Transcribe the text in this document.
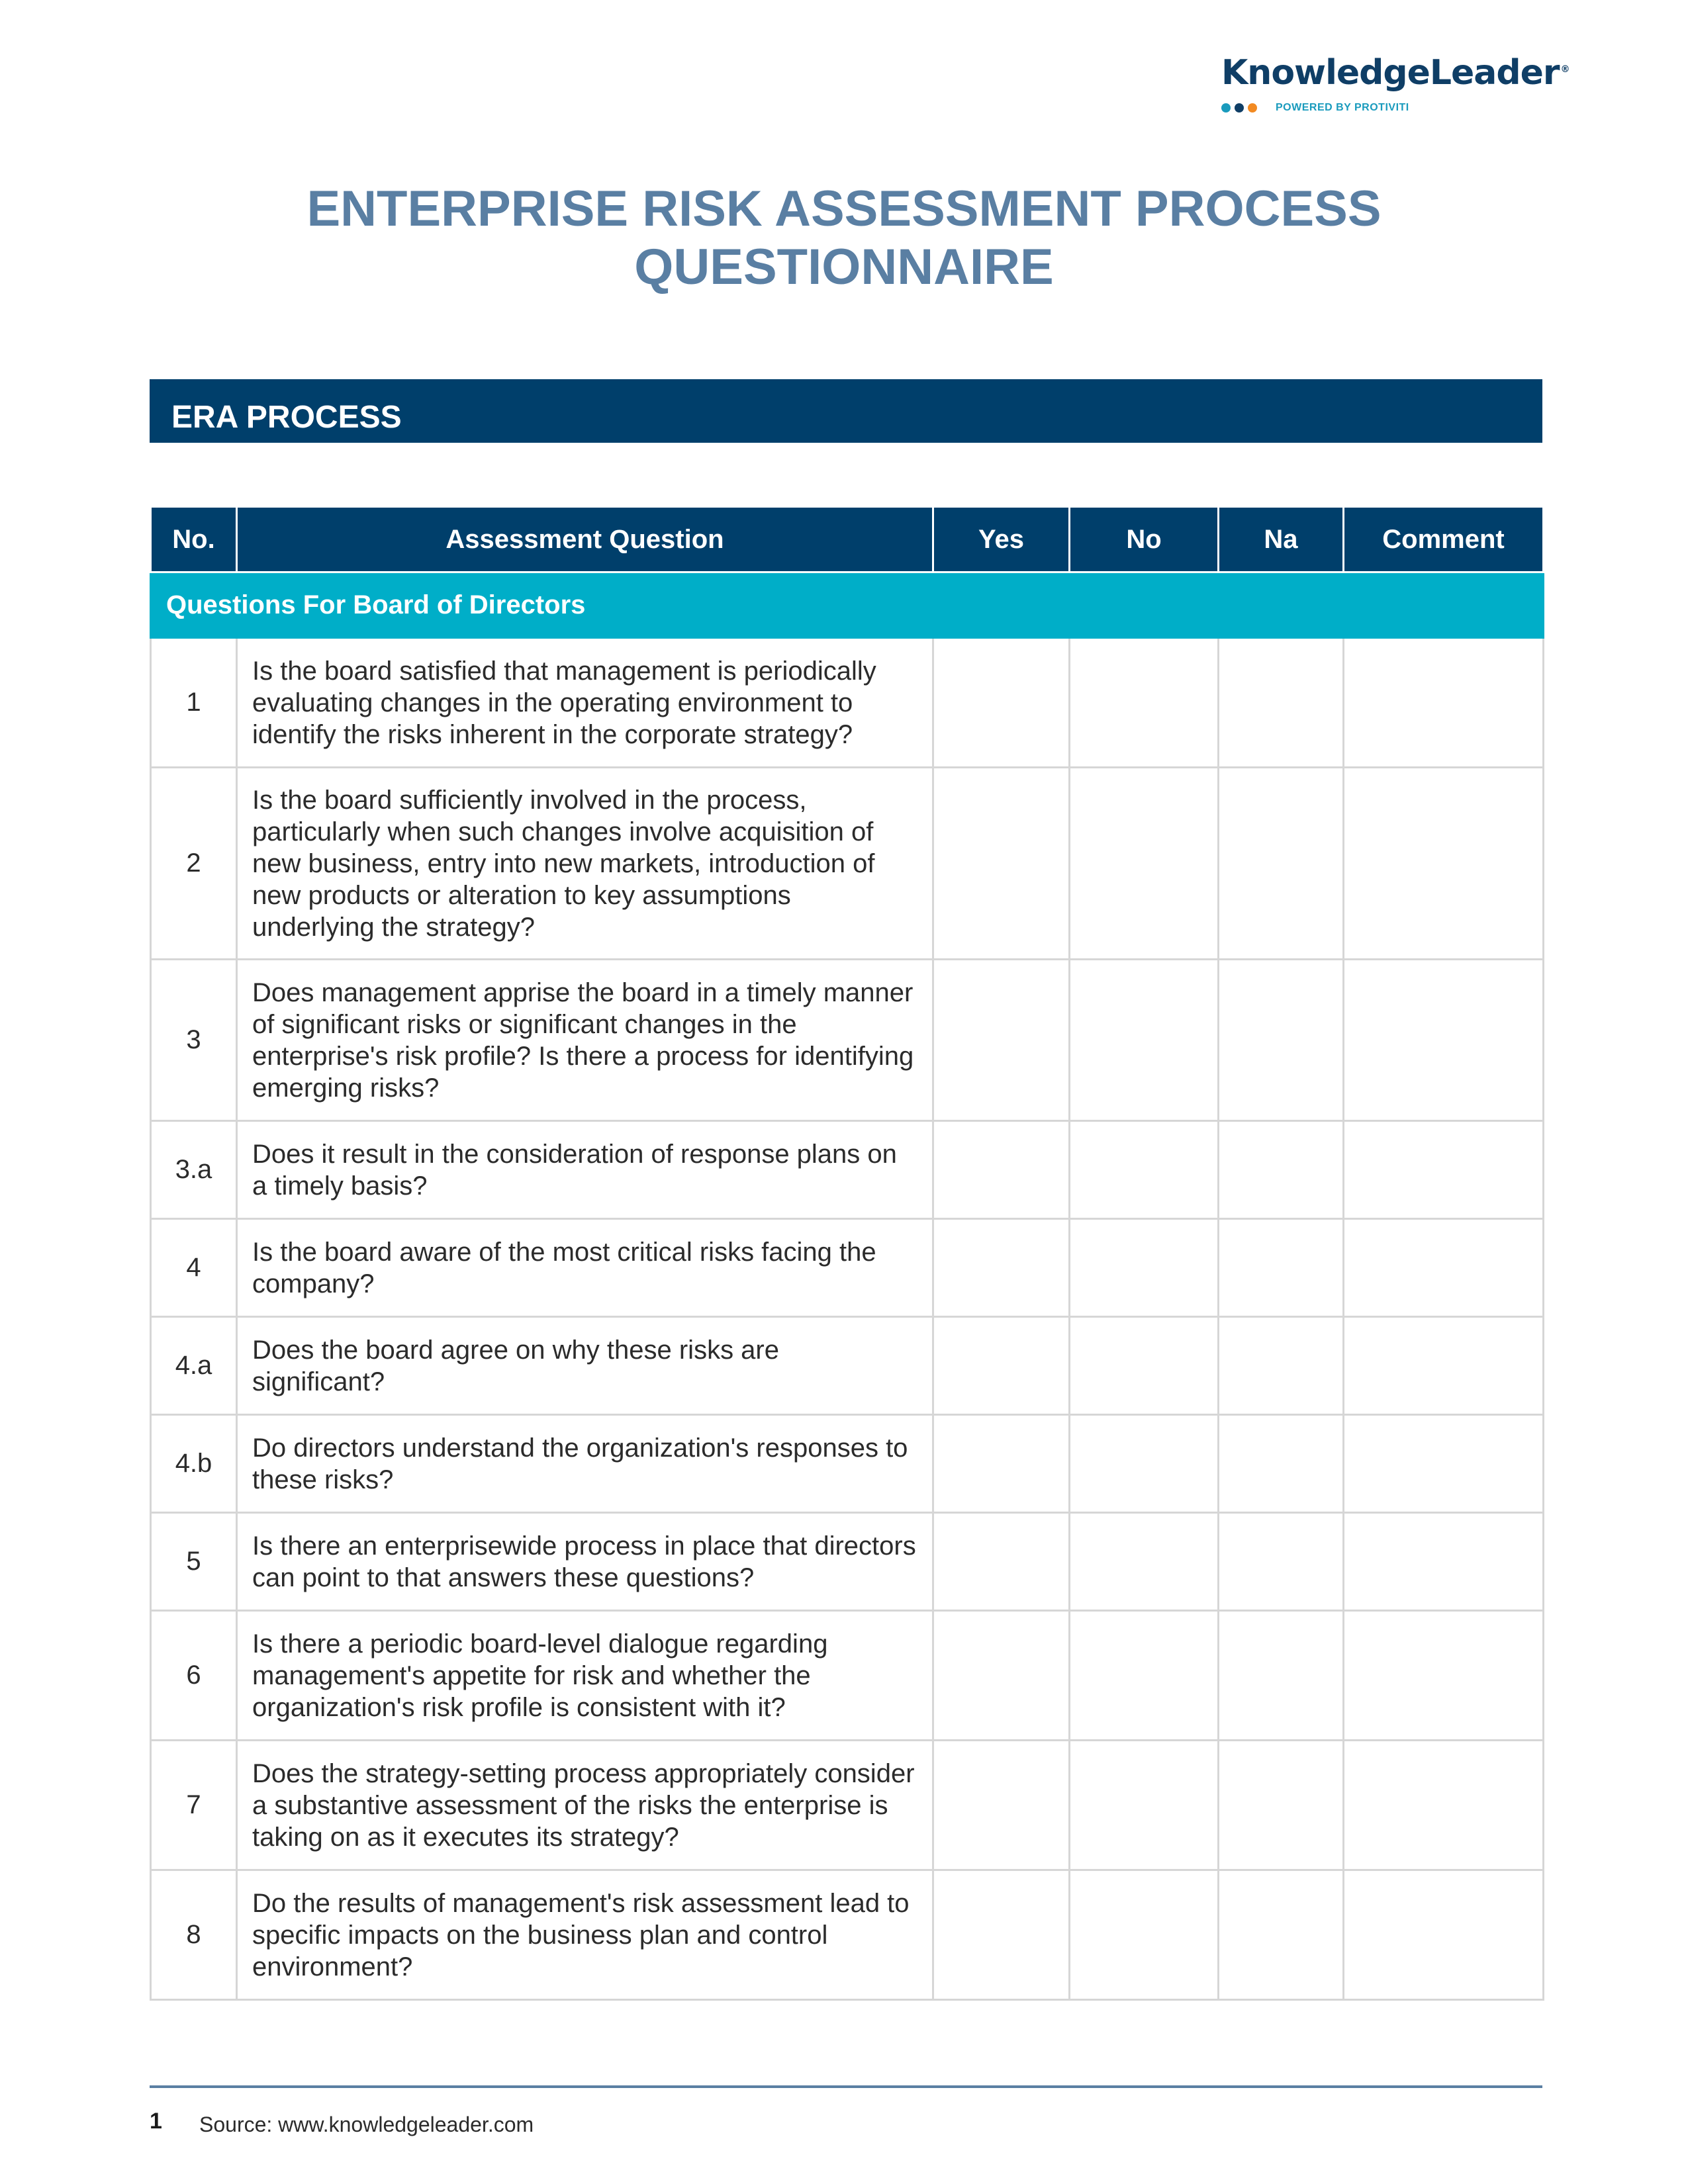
KnowledgeLeader ®
POWERED BY PROTIVITI
ENTERPRISE RISK ASSESSMENT PROCESS
QUESTIONNAIRE
ERA PROCESS
No.	Assessment Question	Yes	No	Na	Comment
Questions For Board of Directors					
1	Is the board satisfied that management is periodically evaluating changes in the operating environment to identify the risks inherent in the corporate strategy?				
2	Is the board sufficiently involved in the process, particularly when such changes involve acquisition of new business, entry into new markets, introduction of new products or alteration to key assumptions underlying the strategy?				
3	Does management apprise the board in a timely manner of significant risks or significant changes in the enterprise's risk profile? Is there a process for identifying emerging risks?				
3.a	Does it result in the consideration of response plans on a timely basis?				
4	Is the board aware of the most critical risks facing the company?				
4.a	Does the board agree on why these risks are significant?				
4.b	Do directors understand the organization's responses to these risks?				
5	Is there an enterprisewide process in place that directors can point to that answers these questions?				
6	Is there a periodic board-level dialogue regarding management's appetite for risk and whether the organization's risk profile is consistent with it?				
7	Does the strategy-setting process appropriately consider a substantive assessment of the risks the enterprise is taking on as it executes its strategy?				
8	Do the results of management's risk assessment lead to specific impacts on the business plan and control environment?				
1 Source: www.knowledgeleader.com
